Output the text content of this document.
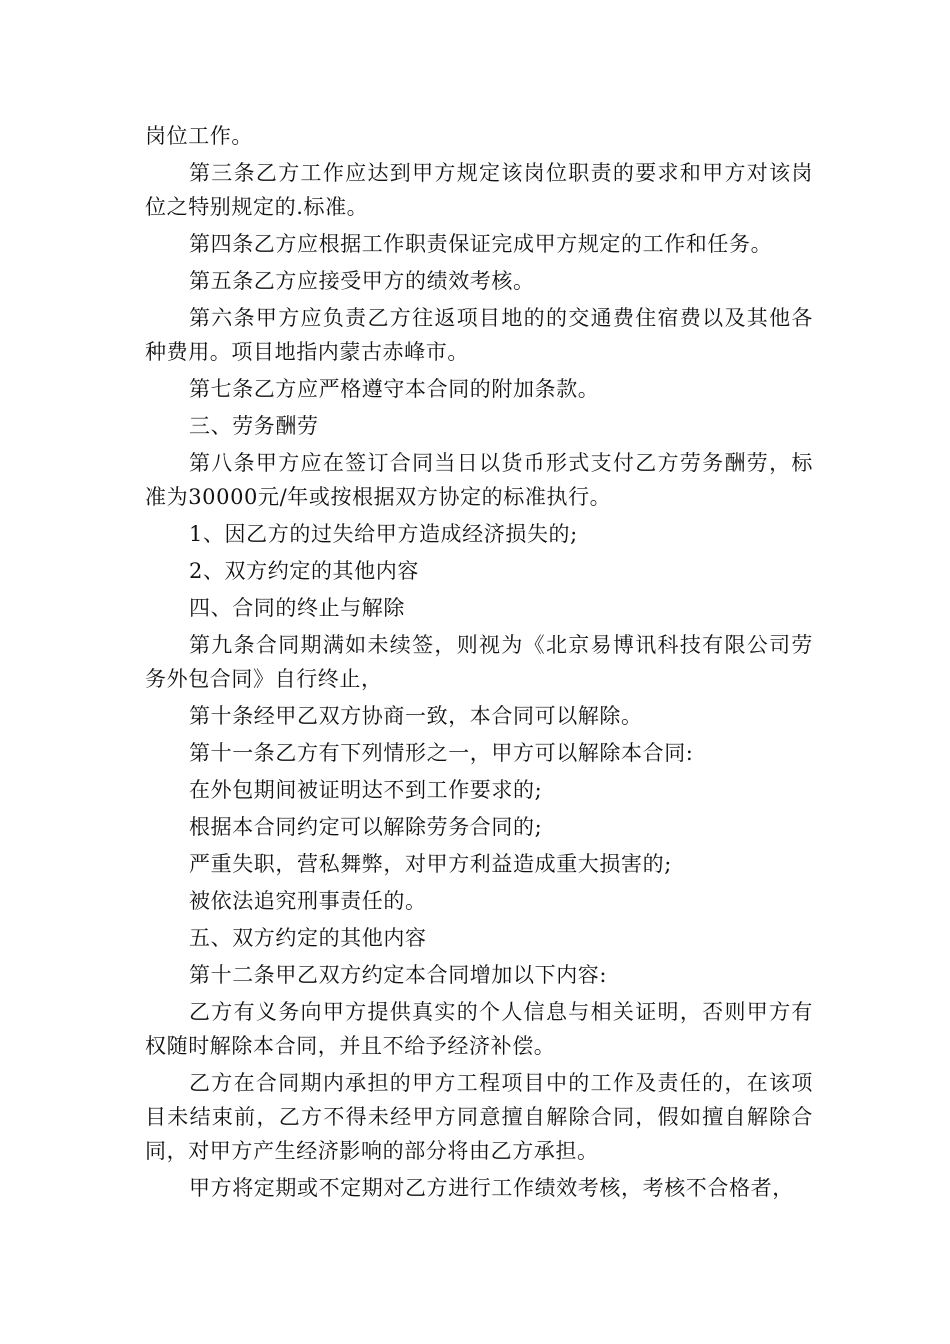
岗位工作。

第三条乙方工作应达到甲方规定该岗位职责的要求和甲方对该岗位之特别规定的.标准。

第四条乙方应根据工作职责保证完成甲方规定的工作和任务。

第五条乙方应接受甲方的绩效考核。

第六条甲方应负责乙方往返项目地的的交通费住宿费以及其他各种费用。项目地指内蒙古赤峰市。

第七条乙方应严格遵守本合同的附加条款。

三、劳务酬劳

第八条甲方应在签订合同当日以货币形式支付乙方劳务酬劳，标准为30000元/年或按根据双方协定的标准执行。

1、因乙方的过失给甲方造成经济损失的;

2、双方约定的其他内容

四、合同的终止与解除

第九条合同期满如未续签，则视为《北京易博讯科技有限公司劳务外包合同》自行终止，

第十条经甲乙双方协商一致，本合同可以解除。

第十一条乙方有下列情形之一，甲方可以解除本合同:

在外包期间被证明达不到工作要求的;

根据本合同约定可以解除劳务合同的;

严重失职，营私舞弊，对甲方利益造成重大损害的;

被依法追究刑事责任的。

五、双方约定的其他内容

第十二条甲乙双方约定本合同增加以下内容:

乙方有义务向甲方提供真实的个人信息与相关证明，否则甲方有权随时解除本合同，并且不给予经济补偿。

乙方在合同期内承担的甲方工程项目中的工作及责任的，在该项目未结束前，乙方不得未经甲方同意擅自解除合同，假如擅自解除合同，对甲方产生经济影响的部分将由乙方承担。

甲方将定期或不定期对乙方进行工作绩效考核，考核不合格者，
